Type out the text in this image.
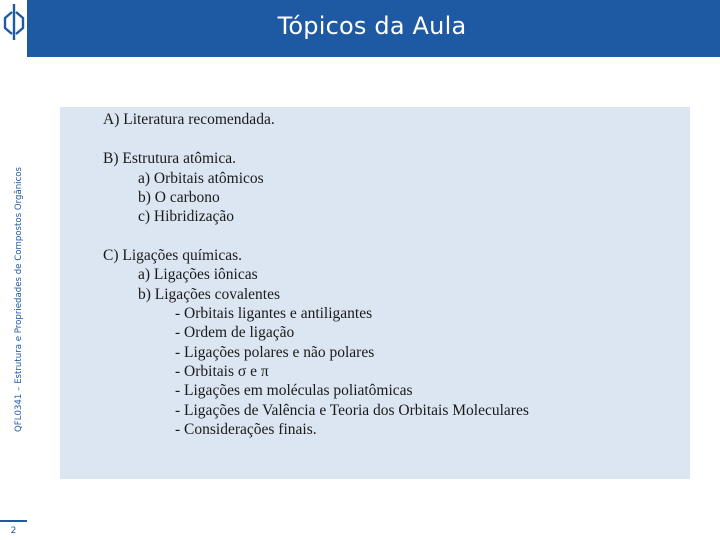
QFL0341 – Estrutura e Propriedades de Compostos Orgânicos
2
Tópicos da Aula
A) Literatura recomendada.
B) Estrutura atômica.
a) Orbitais atômicos
b) O carbono
c) Hibridização
C) Ligações químicas.
a) Ligações iônicas
b) Ligações covalentes
- Orbitais ligantes e antiligantes
- Ordem de ligação
- Ligações polares e não polares
- Orbitais σ e π
- Ligações em moléculas poliatômicas
- Ligações de Valência e Teoria dos Orbitais Moleculares
- Considerações finais.
